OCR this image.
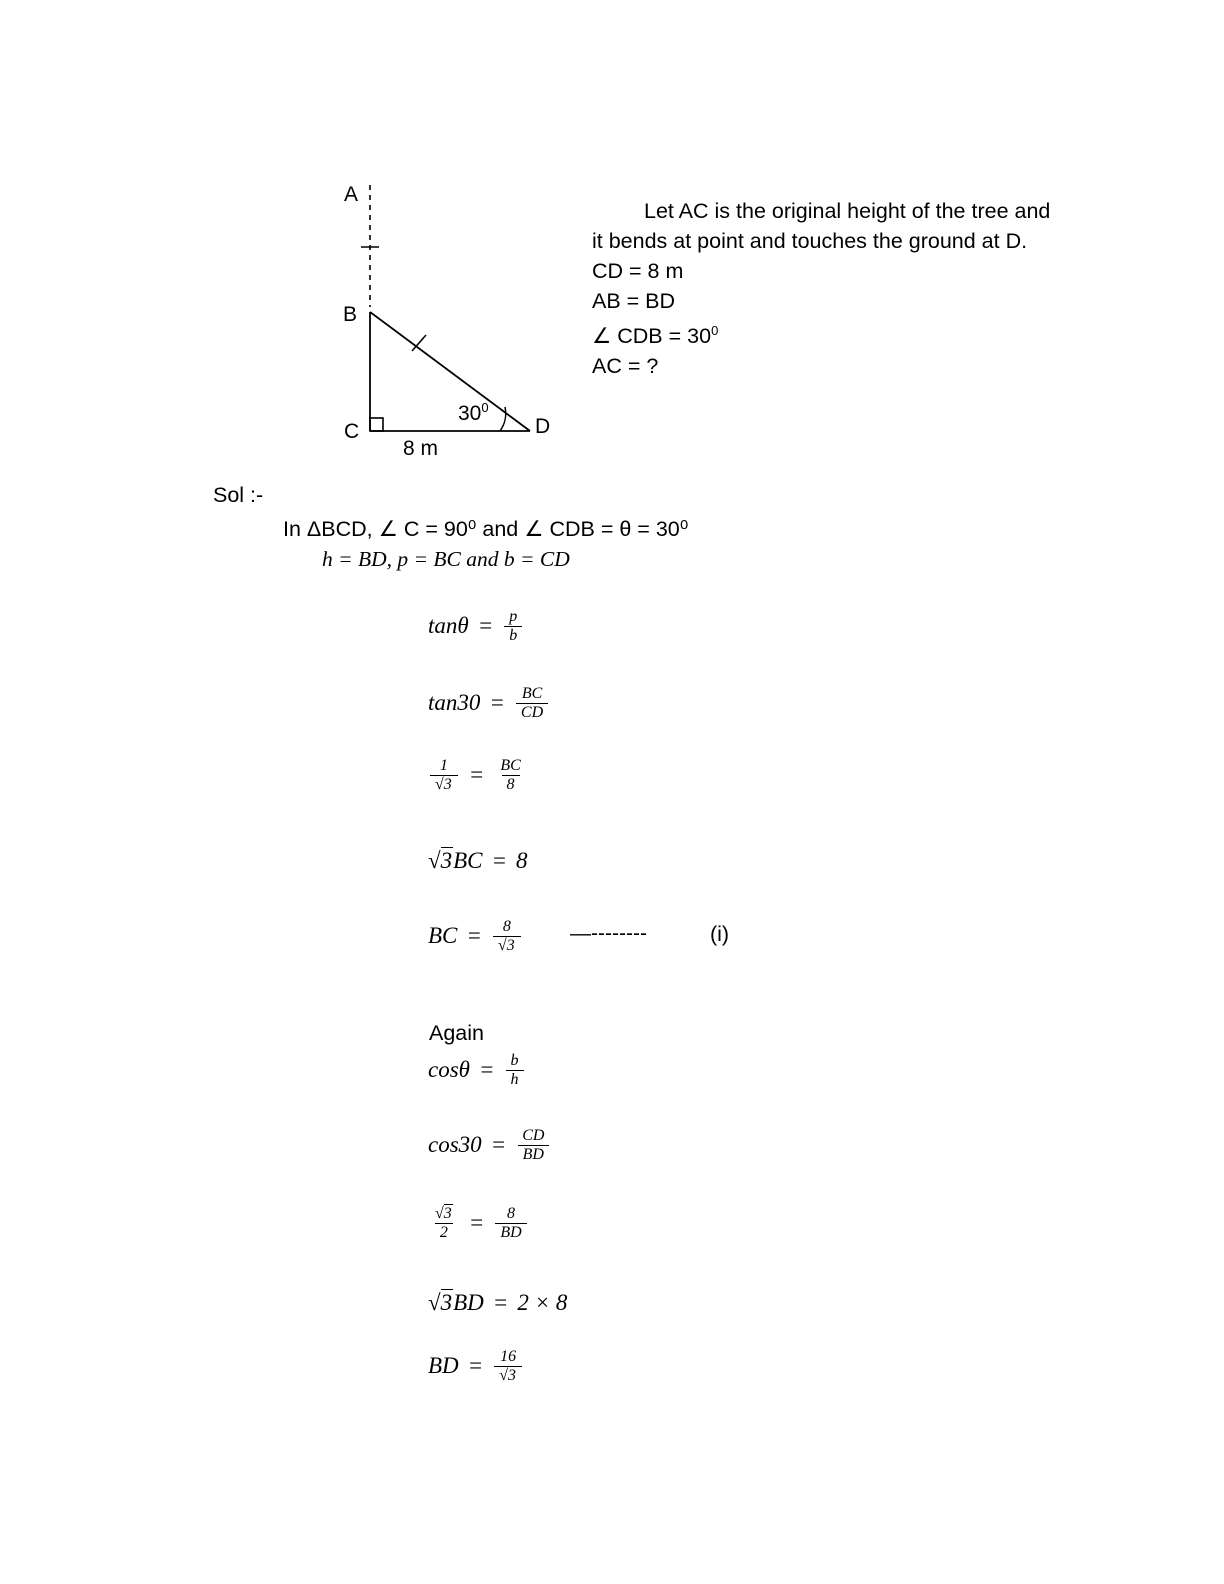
A
B
C	D
$30^0$
8 m
Let AC is the original height of the tree and
it bends at point and touches the ground at D.
CD = 8 m
AB = BD
∠ CDB = $30^0$
AC = ?
Sol :-
In ΔBCD, ∠ C = 90⁰ and ∠ CDB = θ = 30⁰
h = BD, p = BC and b = CD
$\tan\theta = \frac{p}{b}$
$\tan 30 = \frac{BC}{CD}$
$\frac{1}{√3} = \frac{BC}{8}$
√3 BC = 8
BC = $\frac{8}{√3}$ —--------	(i)
Again
$\cos\theta = \frac{b}{h}$
$\cos 30 = \frac{CD}{BD}$
$\frac{√3}{2} = \frac{8}{BD}$
√3 BD = 2 × 8
BD = $\frac{16}{√3}$
